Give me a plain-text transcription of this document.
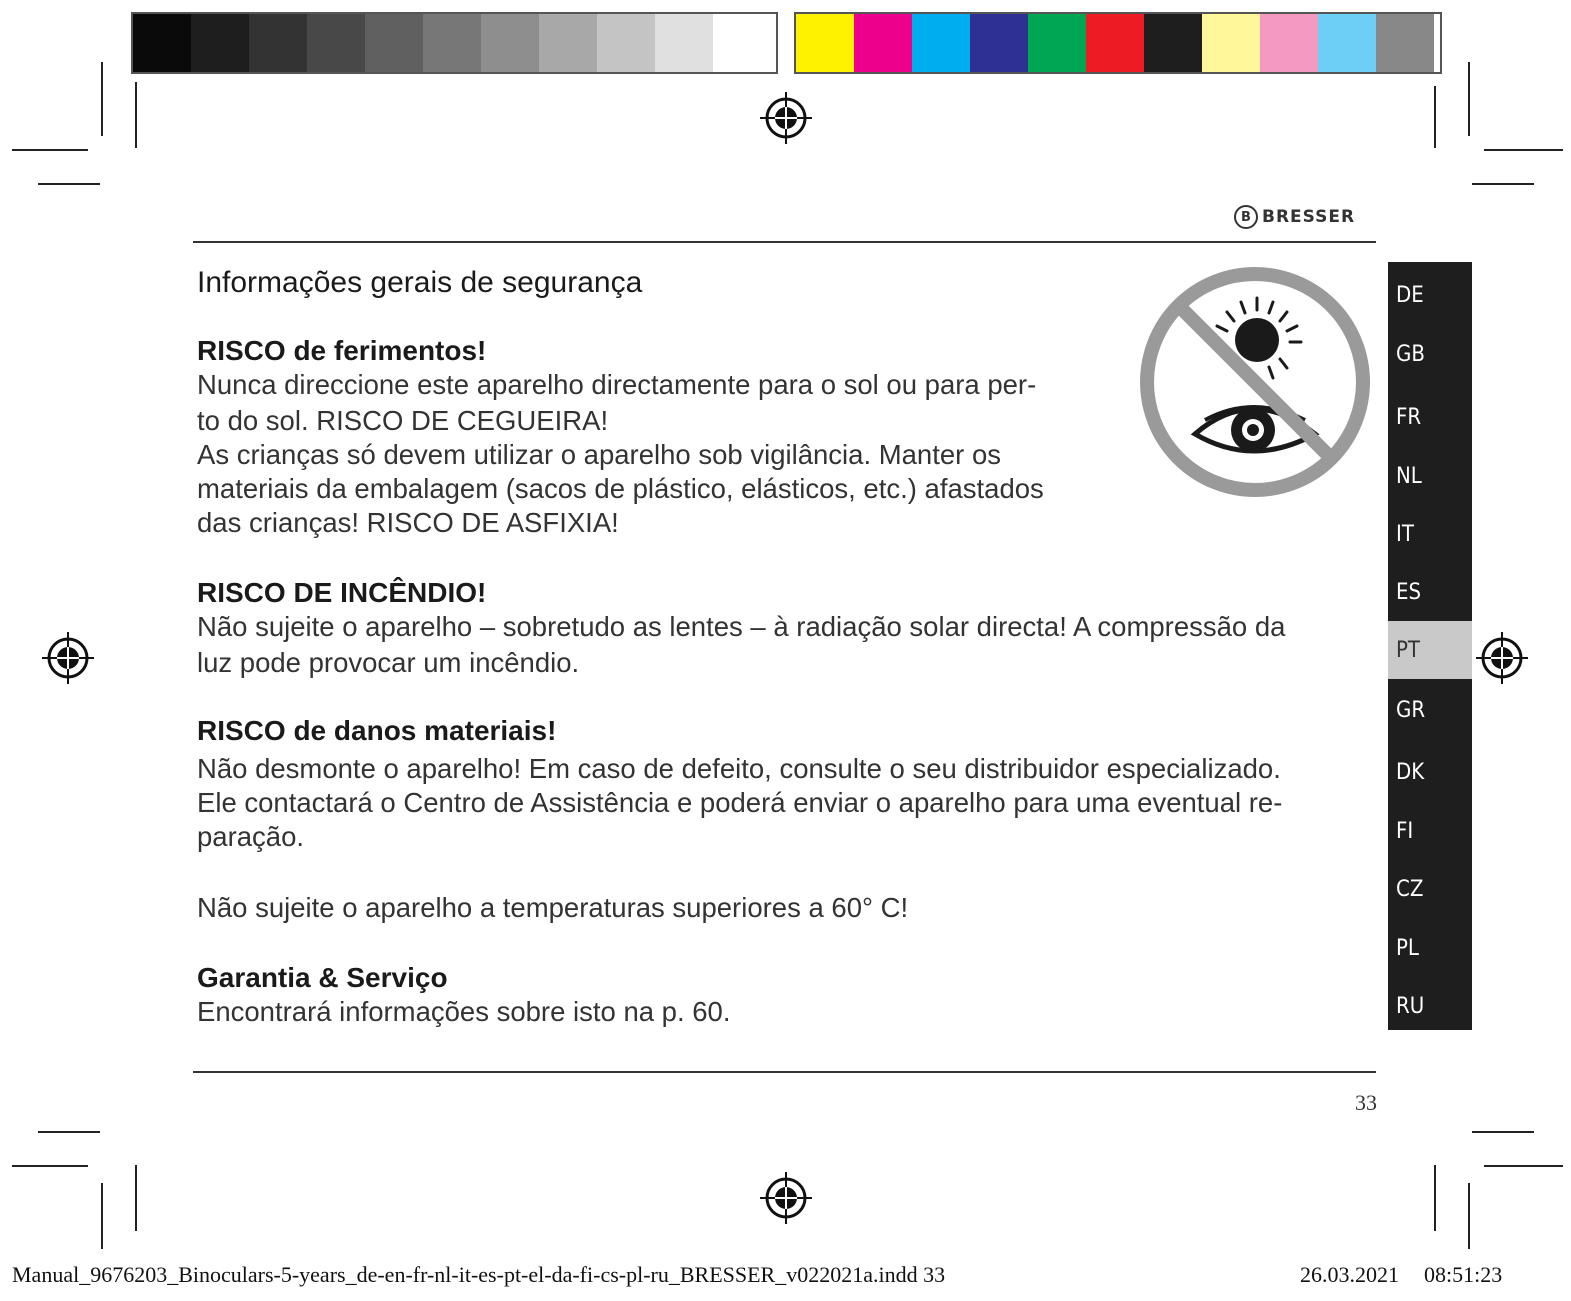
B BRESSER
Informações gerais de segurança
RISCO de ferimentos!

Nunca direccione este aparelho directamente para o sol ou para per-

to do sol. RISCO DE CEGUEIRA!

As crianças só devem utilizar o aparelho sob vigilância. Manter os

materiais da embalagem (sacos de plástico, elásticos, etc.) afastados

das crianças! RISCO DE ASFIXIA!

RISCO DE INCÊNDIO!

Não sujeite o aparelho – sobretudo as lentes – à radiação solar directa! A compressão da

luz pode provocar um incêndio.

RISCO de danos materiais!

Não desmonte o aparelho! Em caso de defeito, consulte o seu distribuidor especializado.

Ele contactará o Centro de Assistência e poderá enviar o aparelho para uma eventual re-

paração.

Não sujeite o aparelho a temperaturas superiores a 60° C!

Garantia & Serviço

Encontrará informações sobre isto na p. 60.

DE
GB
FR
NL
IT
ES
PT
GR
DK
FI
CZ
PL
RU
33
Manual_9676203_Binoculars-5-years_de-en-fr-nl-it-es-pt-el-da-fi-cs-pl-ru_BRESSER_v022021a.indd 33	26.03.2021 08:51:23
